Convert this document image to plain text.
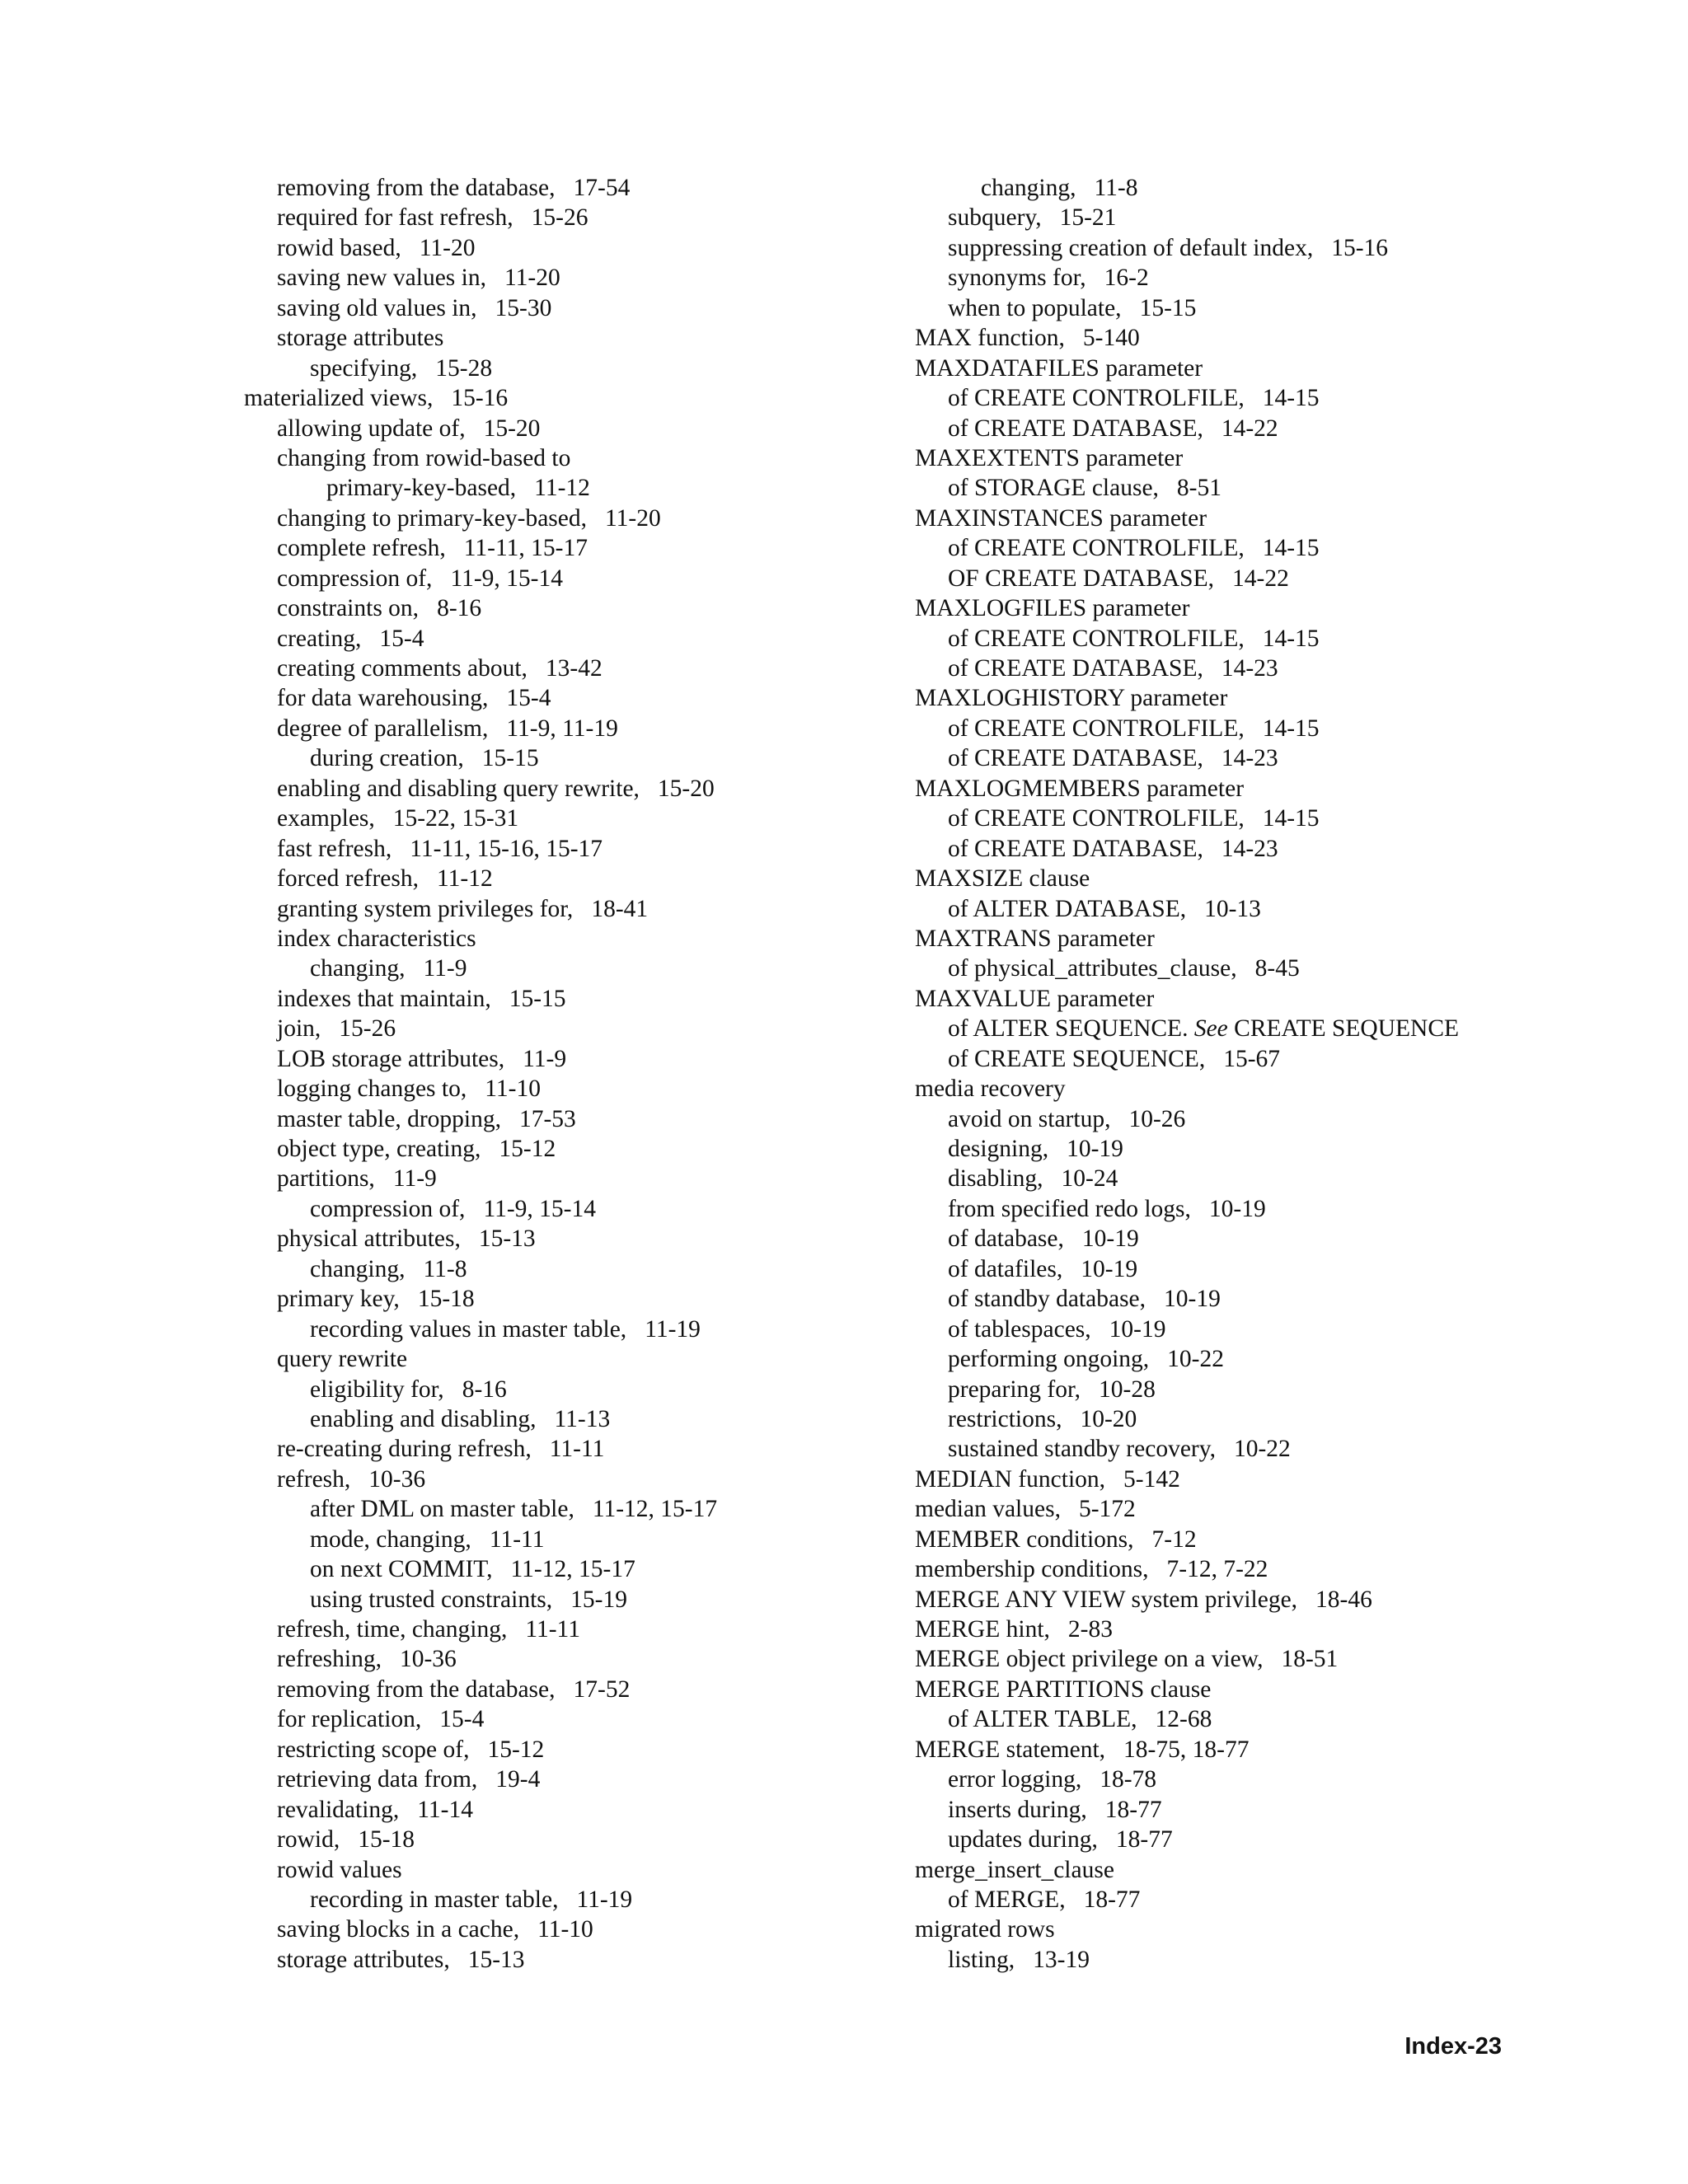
removing from the database, 17-54
required for fast refresh, 15-26
rowid based, 11-20
saving new values in, 11-20
saving old values in, 15-30
storage attributes
specifying, 15-28
materialized views, 15-16
allowing update of, 15-20
changing from rowid-based to
primary-key-based, 11-12
changing to primary-key-based, 11-20
complete refresh, 11-11, 15-17
compression of, 11-9, 15-14
constraints on, 8-16
creating, 15-4
creating comments about, 13-42
for data warehousing, 15-4
degree of parallelism, 11-9, 11-19
during creation, 15-15
enabling and disabling query rewrite, 15-20
examples, 15-22, 15-31
fast refresh, 11-11, 15-16, 15-17
forced refresh, 11-12
granting system privileges for, 18-41
index characteristics
changing, 11-9
indexes that maintain, 15-15
join, 15-26
LOB storage attributes, 11-9
logging changes to, 11-10
master table, dropping, 17-53
object type, creating, 15-12
partitions, 11-9
compression of, 11-9, 15-14
physical attributes, 15-13
changing, 11-8
primary key, 15-18
recording values in master table, 11-19
query rewrite
eligibility for, 8-16
enabling and disabling, 11-13
re-creating during refresh, 11-11
refresh, 10-36
after DML on master table, 11-12, 15-17
mode, changing, 11-11
on next COMMIT, 11-12, 15-17
using trusted constraints, 15-19
refresh, time, changing, 11-11
refreshing, 10-36
removing from the database, 17-52
for replication, 15-4
restricting scope of, 15-12
retrieving data from, 19-4
revalidating, 11-14
rowid, 15-18
rowid values
recording in master table, 11-19
saving blocks in a cache, 11-10
storage attributes, 15-13
changing, 11-8
subquery, 15-21
suppressing creation of default index, 15-16
synonyms for, 16-2
when to populate, 15-15
MAX function, 5-140
MAXDATAFILES parameter
of CREATE CONTROLFILE, 14-15
of CREATE DATABASE, 14-22
MAXEXTENTS parameter
of STORAGE clause, 8-51
MAXINSTANCES parameter
of CREATE CONTROLFILE, 14-15
OF CREATE DATABASE, 14-22
MAXLOGFILES parameter
of CREATE CONTROLFILE, 14-15
of CREATE DATABASE, 14-23
MAXLOGHISTORY parameter
of CREATE CONTROLFILE, 14-15
of CREATE DATABASE, 14-23
MAXLOGMEMBERS parameter
of CREATE CONTROLFILE, 14-15
of CREATE DATABASE, 14-23
MAXSIZE clause
of ALTER DATABASE, 10-13
MAXTRANS parameter
of physical_attributes_clause, 8-45
MAXVALUE parameter
of ALTER SEQUENCE. See CREATE SEQUENCE
of CREATE SEQUENCE, 15-67
media recovery
avoid on startup, 10-26
designing, 10-19
disabling, 10-24
from specified redo logs, 10-19
of database, 10-19
of datafiles, 10-19
of standby database, 10-19
of tablespaces, 10-19
performing ongoing, 10-22
preparing for, 10-28
restrictions, 10-20
sustained standby recovery, 10-22
MEDIAN function, 5-142
median values, 5-172
MEMBER conditions, 7-12
membership conditions, 7-12, 7-22
MERGE ANY VIEW system privilege, 18-46
MERGE hint, 2-83
MERGE object privilege on a view, 18-51
MERGE PARTITIONS clause
of ALTER TABLE, 12-68
MERGE statement, 18-75, 18-77
error logging, 18-78
inserts during, 18-77
updates during, 18-77
merge_insert_clause
of MERGE, 18-77
migrated rows
listing, 13-19
Index-23
